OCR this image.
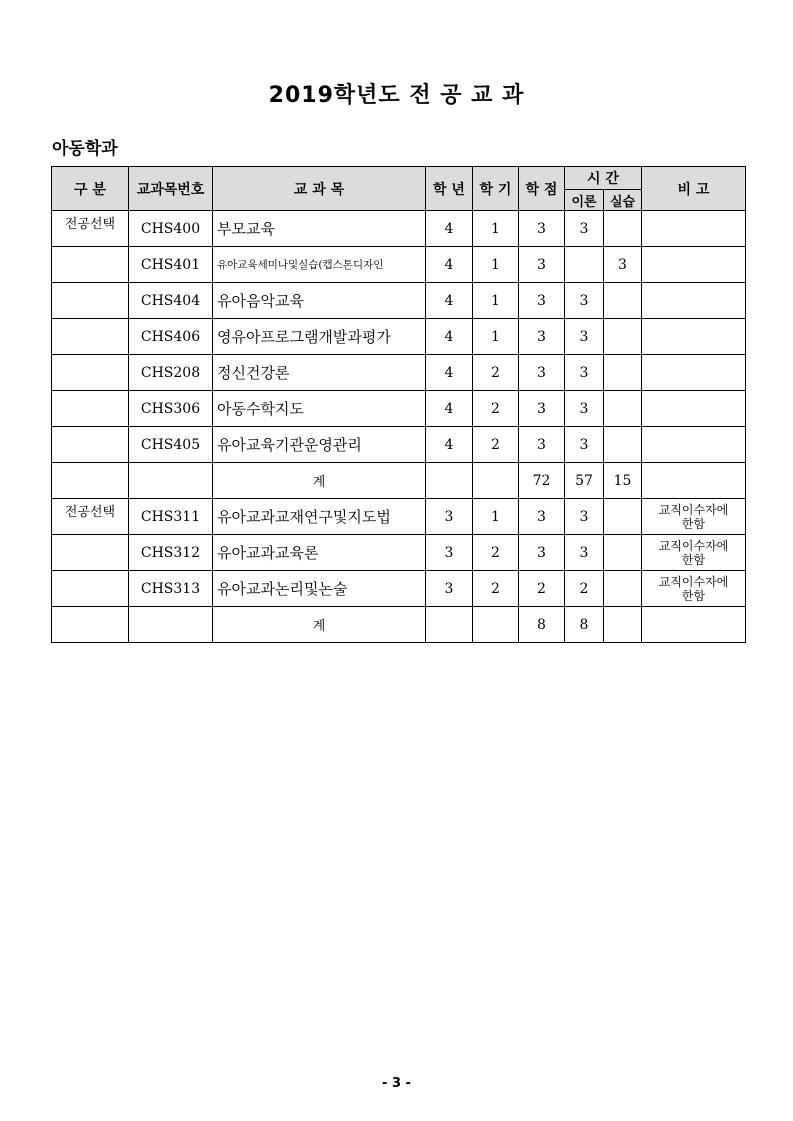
2019학년도 전 공 교 과
아동학과
구 분	교과목번호	교 과 목	학 년	학 기	학 점	시 간		비 고
						이론	실습	
전공선택	CHS400	부모교육	4	1	3	3		
	CHS401	유아교육세미나및실습(캡스톤디자인	4	1	3		3	
	CHS404	유아음악교육	4	1	3	3		
	CHS406	영유아프로그램개발과평가	4	1	3	3		
	CHS208	정신건강론	4	2	3	3		
	CHS306	아동수학지도	4	2	3	3		
	CHS405	유아교육기관운영관리	4	2	3	3		
		계			72	57	15	
전공선택	CHS311	유아교과교재연구및지도법	3	1	3	3		교직이수자에
한함
	CHS312	유아교과교육론	3	2	3	3		교직이수자에
한함
	CHS313	유아교과논리및논술	3	2	2	2		교직이수자에
한함
		계			8	8		
- 3 -
